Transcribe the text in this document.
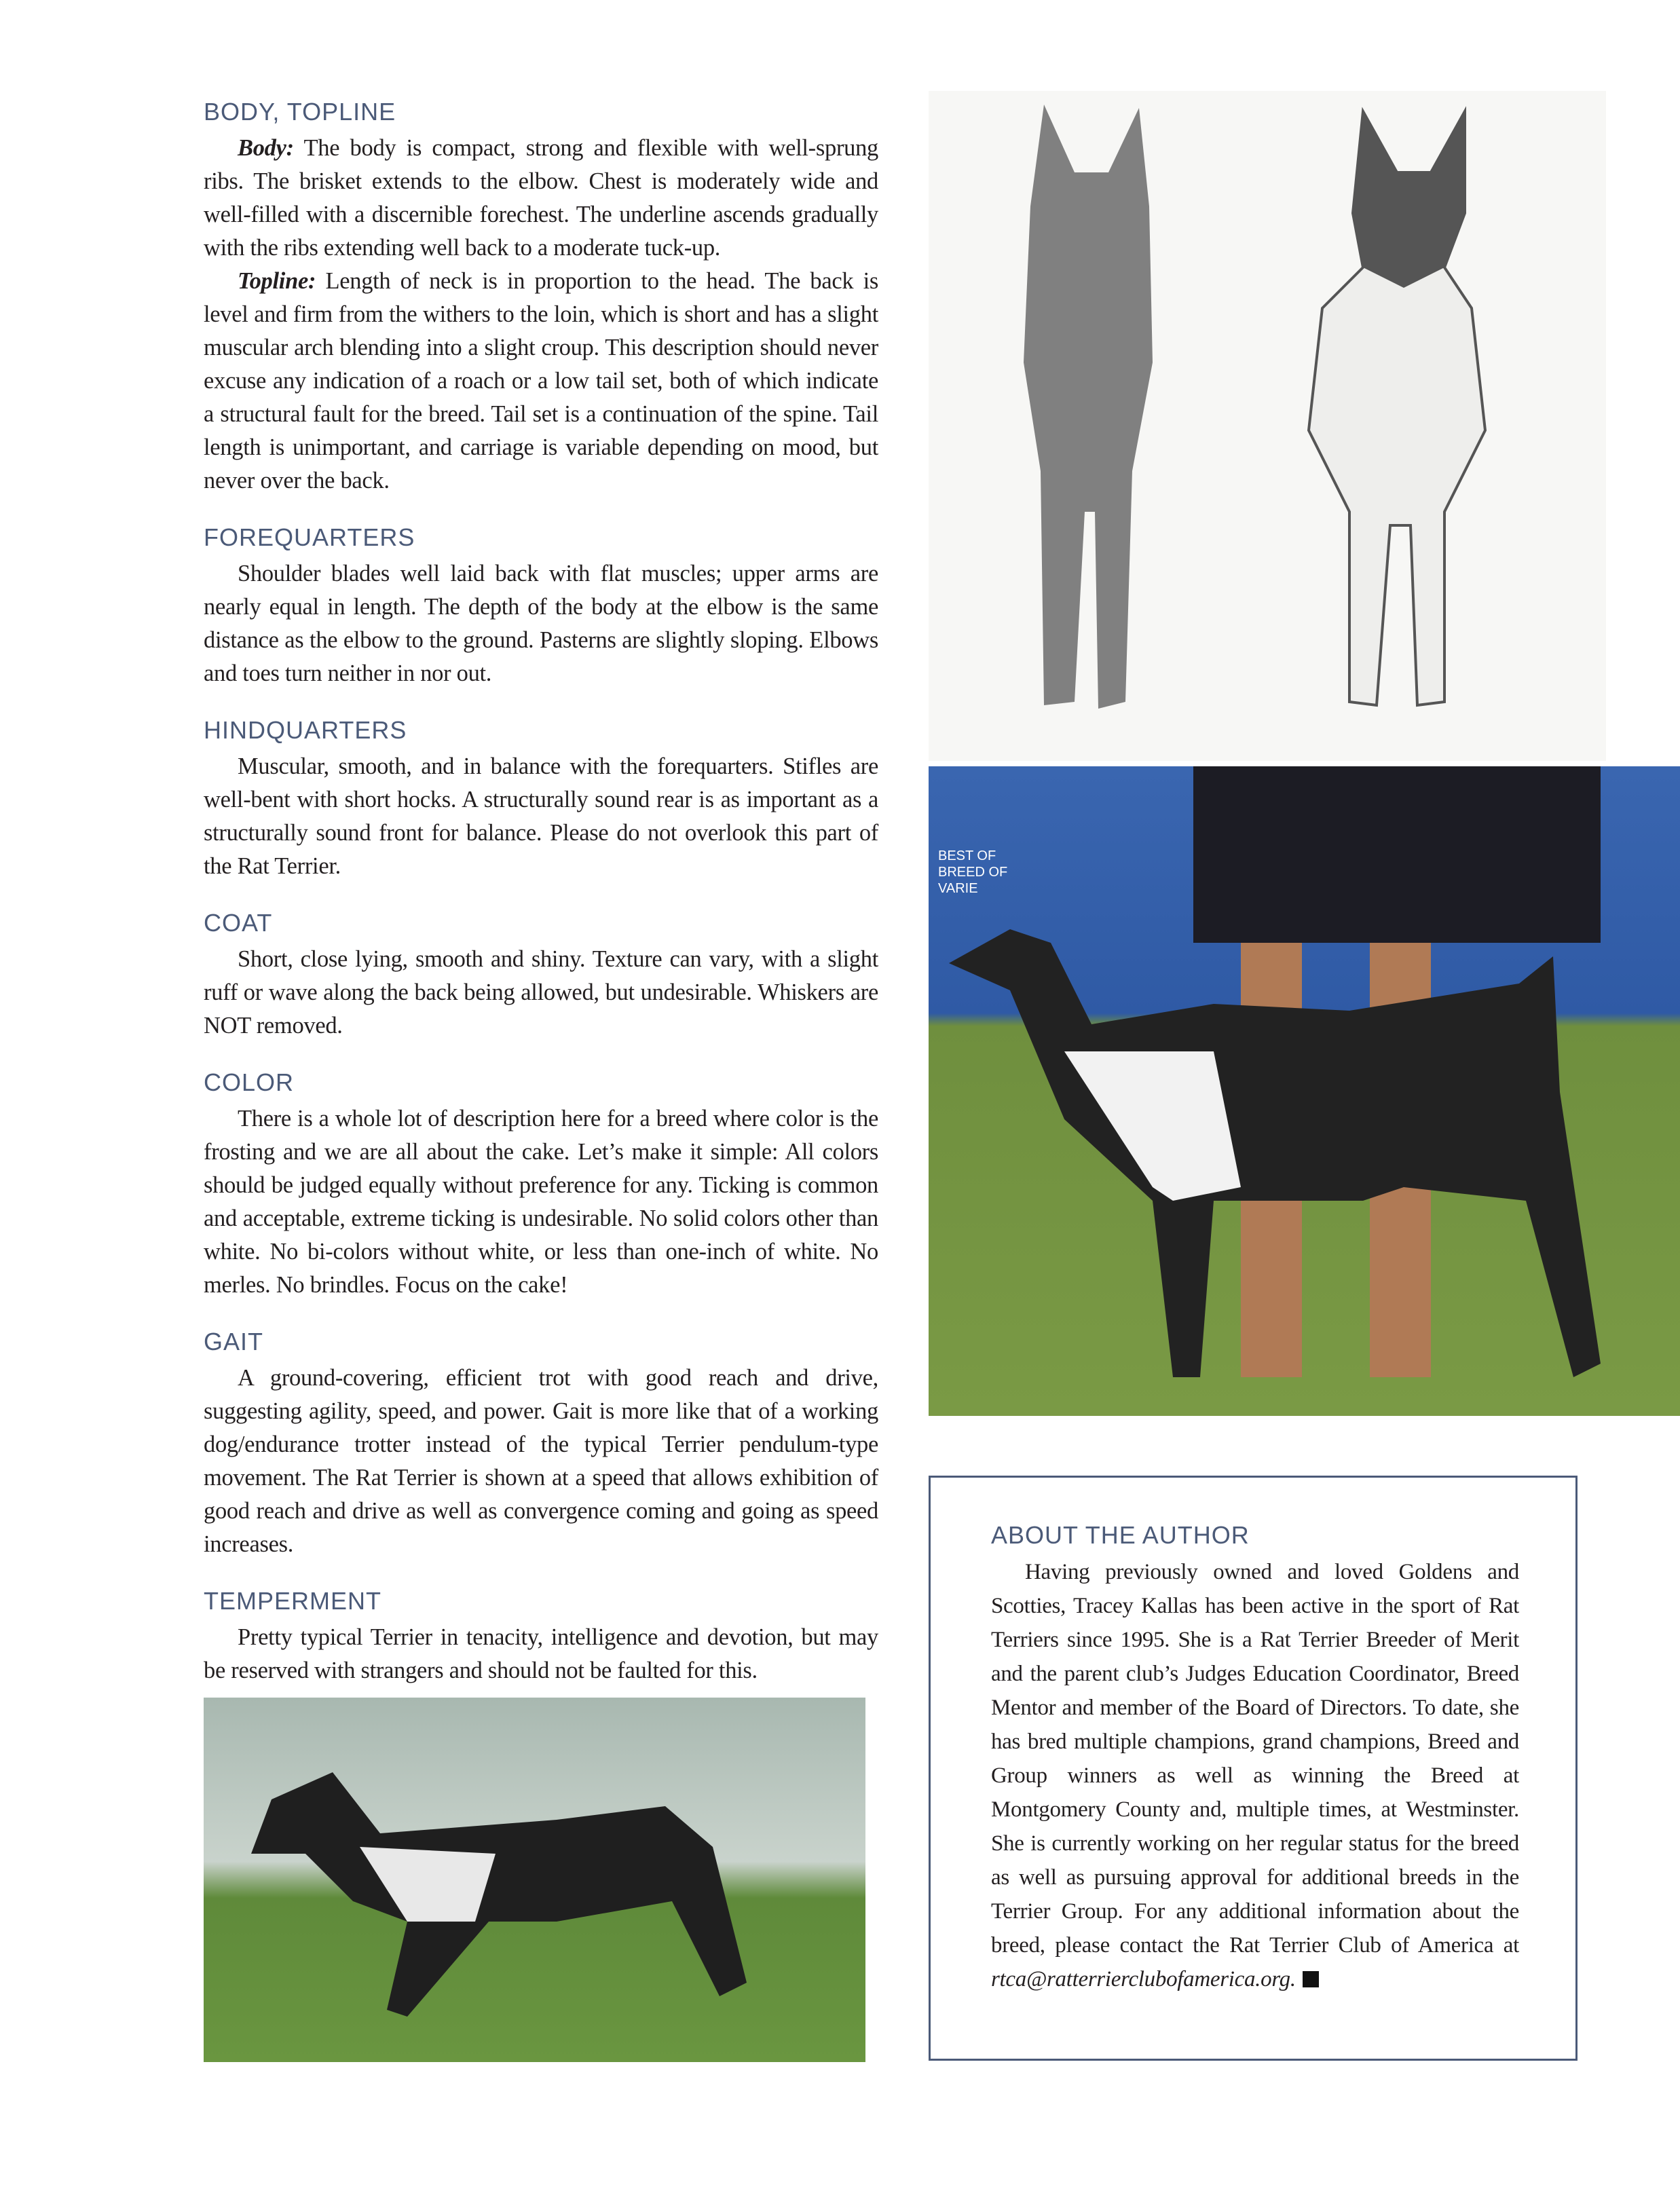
BODY, TOPLINE

Body: The body is compact, strong and flexible with well-sprung ribs. The brisket extends to the elbow. Chest is moderately wide and well-filled with a discernible forechest. The underline ascends gradually with the ribs extending well back to a moderate tuck-up.

Topline: Length of neck is in proportion to the head. The back is level and firm from the withers to the loin, which is short and has a slight muscular arch blending into a slight croup. This description should never excuse any indication of a roach or a low tail set, both of which indicate a structural fault for the breed. Tail set is a continuation of the spine. Tail length is unimportant, and carriage is variable depending on mood, but never over the back.

FOREQUARTERS

Shoulder blades well laid back with flat muscles; upper arms are nearly equal in length. The depth of the body at the elbow is the same distance as the elbow to the ground. Pasterns are slightly sloping. Elbows and toes turn neither in nor out.

HINDQUARTERS

Muscular, smooth, and in balance with the forequarters. Stifles are well-bent with short hocks. A structurally sound rear is as important as a structurally sound front for balance. Please do not overlook this part of the Rat Terrier.

COAT

Short, close lying, smooth and shiny. Texture can vary, with a slight ruff or wave along the back being allowed, but undesirable. Whiskers are NOT removed.

COLOR

There is a whole lot of description here for a breed where color is the frosting and we are all about the cake. Let’s make it simple: All colors should be judged equally without preference for any. Ticking is common and acceptable, extreme ticking is undesirable. No solid colors other than white. No bi-colors without white, or less than one-inch of white. No merles. No brindles. Focus on the cake!

GAIT

A ground-covering, efficient trot with good reach and drive, suggesting agility, speed, and power. Gait is more like that of a working dog/endurance trotter instead of the typical Terrier pendulum-type movement. The Rat Terrier is shown at a speed that allows exhibition of good reach and drive as well as convergence coming and going as speed increases.

TEMPERMENT

Pretty typical Terrier in tenacity, intelligence and devotion, but may be reserved with strangers and should not be faulted for this.

BEST OF
BREED OF
VARIE
ABOUT THE AUTHOR

Having previously owned and loved Goldens and Scotties, Tracey Kallas has been active in the sport of Rat Terriers since 1995. She is a Rat Terrier Breeder of Merit and the parent club’s Judges Education Coordinator, Breed Mentor and member of the Board of Directors. To date, she has bred multiple champions, grand champions, Breed and Group winners as well as winning the Breed at Montgomery County and, multiple times, at Westminster. She is currently working on her regular status for the breed as well as pursuing approval for additional breeds in the Terrier Group. For any additional information about the breed, please contact the Rat Terrier Club of America at rtca@ratterrierclubofamerica.org.
